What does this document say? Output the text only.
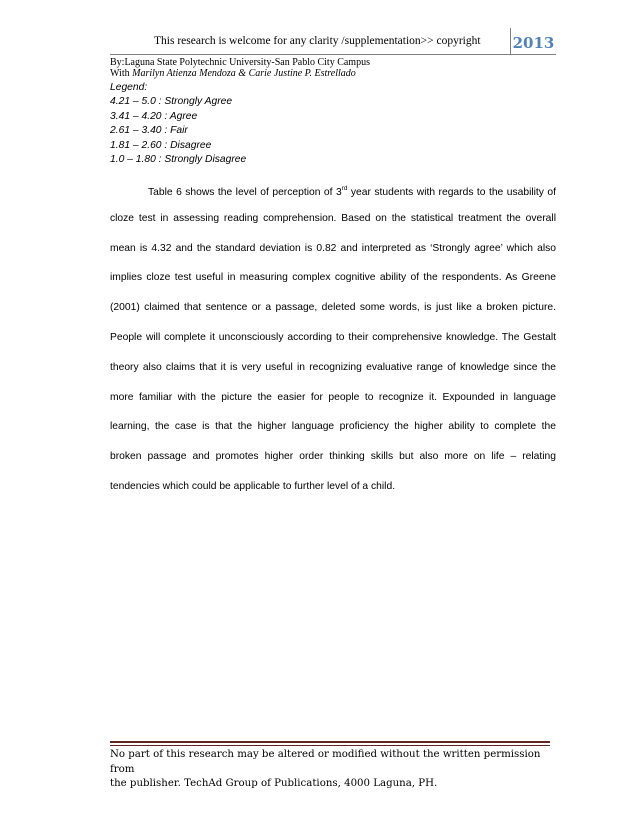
This research is welcome for any clarity /supplementation>> copyright 2013
By:Laguna State Polytechnic University-San Pablo City Campus
With Marilyn Atienza Mendoza & Carie Justine P. Estrellado
Legend:
4.21 – 5.0 : Strongly Agree
3.41 – 4.20 : Agree
2.61 – 3.40 : Fair
1.81 – 2.60 : Disagree
1.0 – 1.80 : Strongly Disagree
Table 6 shows the level of perception of 3rd year students with regards to the usability of
cloze test in assessing reading comprehension. Based on the statistical treatment the overall
mean is 4.32 and the standard deviation is 0.82 and interpreted as ‘Strongly agree’ which also
implies cloze test useful in measuring complex cognitive ability of the respondents. As Greene
(2001) claimed that sentence or a passage, deleted some words, is just like a broken picture.
People will complete it unconsciously according to their comprehensive knowledge. The Gestalt
theory also claims that it is very useful in recognizing evaluative range of knowledge since the
more familiar with the picture the easier for people to recognize it. Expounded in language
learning, the case is that the higher language proficiency the higher ability to complete the
broken passage and promotes higher order thinking skills but also more on life – relating
tendencies which could be applicable to further level of a child.
No part of this research may be altered or modified without the written permission from
the publisher. TechAd Group of Publications, 4000 Laguna, PH.
